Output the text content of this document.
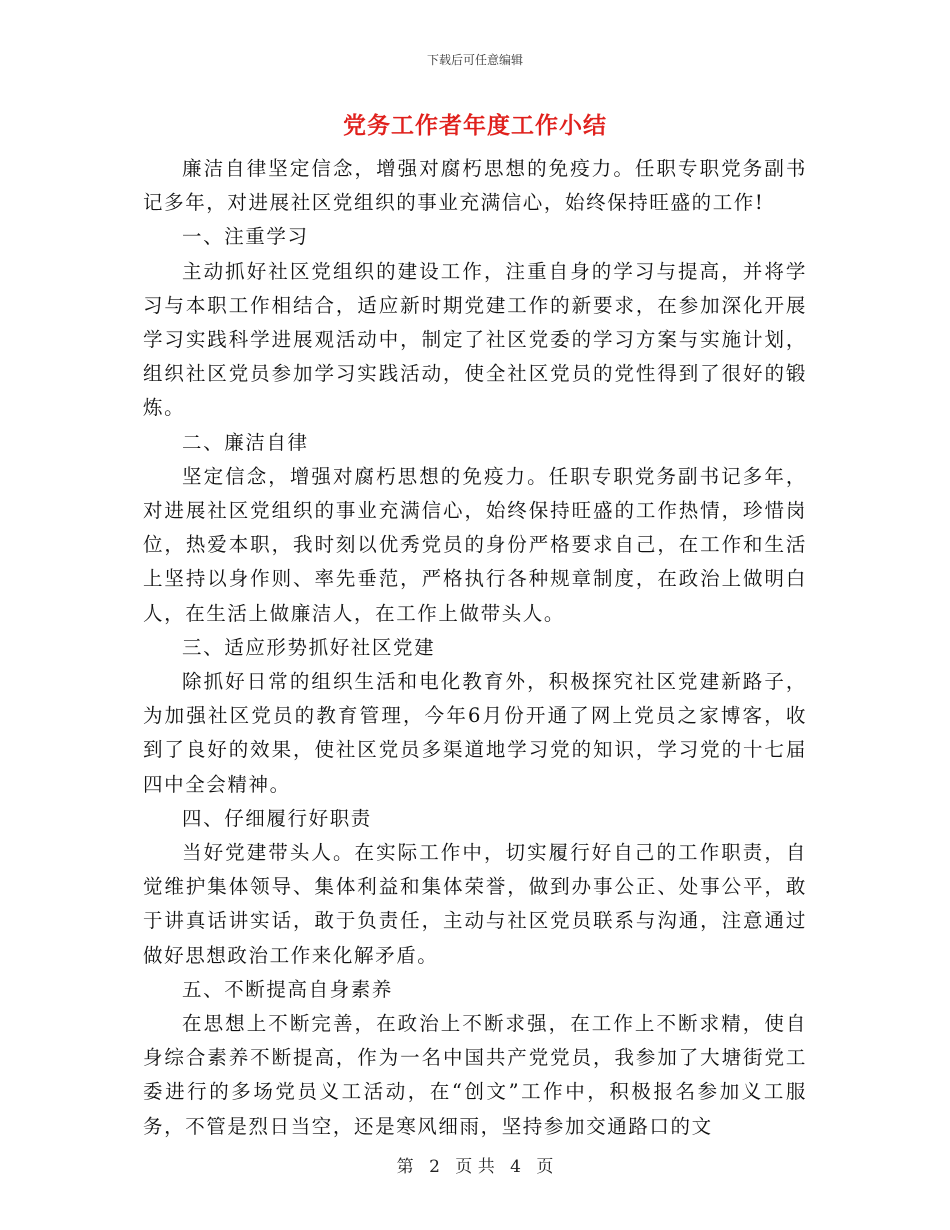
下载后可任意编辑
党务工作者年度工作小结

廉洁自律坚定信念，增强对腐朽思想的免疫力。任职专职党务副书记多年，对进展社区党组织的事业充满信心，始终保持旺盛的工作!

一、注重学习

主动抓好社区党组织的建设工作，注重自身的学习与提高，并将学习与本职工作相结合，适应新时期党建工作的新要求，在参加深化开展学习实践科学进展观活动中，制定了社区党委的学习方案与实施计划，组织社区党员参加学习实践活动，使全社区党员的党性得到了很好的锻炼。

二、廉洁自律

坚定信念，增强对腐朽思想的免疫力。任职专职党务副书记多年，对进展社区党组织的事业充满信心，始终保持旺盛的工作热情，珍惜岗位，热爱本职，我时刻以优秀党员的身份严格要求自己，在工作和生活上坚持以身作则、率先垂范，严格执行各种规章制度，在政治上做明白人，在生活上做廉洁人，在工作上做带头人。

三、适应形势抓好社区党建

除抓好日常的组织生活和电化教育外，积极探究社区党建新路子，为加强社区党员的教育管理，今年6月份开通了网上党员之家博客，收到了良好的效果，使社区党员多渠道地学习党的知识，学习党的十七届四中全会精神。

四、仔细履行好职责

当好党建带头人。在实际工作中，切实履行好自己的工作职责，自觉维护集体领导、集体利益和集体荣誉，做到办事公正、处事公平，敢于讲真话讲实话，敢于负责任，主动与社区党员联系与沟通，注意通过做好思想政治工作来化解矛盾。

五、不断提高自身素养

在思想上不断完善，在政治上不断求强，在工作上不断求精，使自身综合素养不断提高，作为一名中国共产党党员，我参加了大塘街党工委进行的多场党员义工活动，在“创文”工作中，积极报名参加义工服务，不管是烈日当空，还是寒风细雨，坚持参加交通路口的文

第 2 页 共 4 页
